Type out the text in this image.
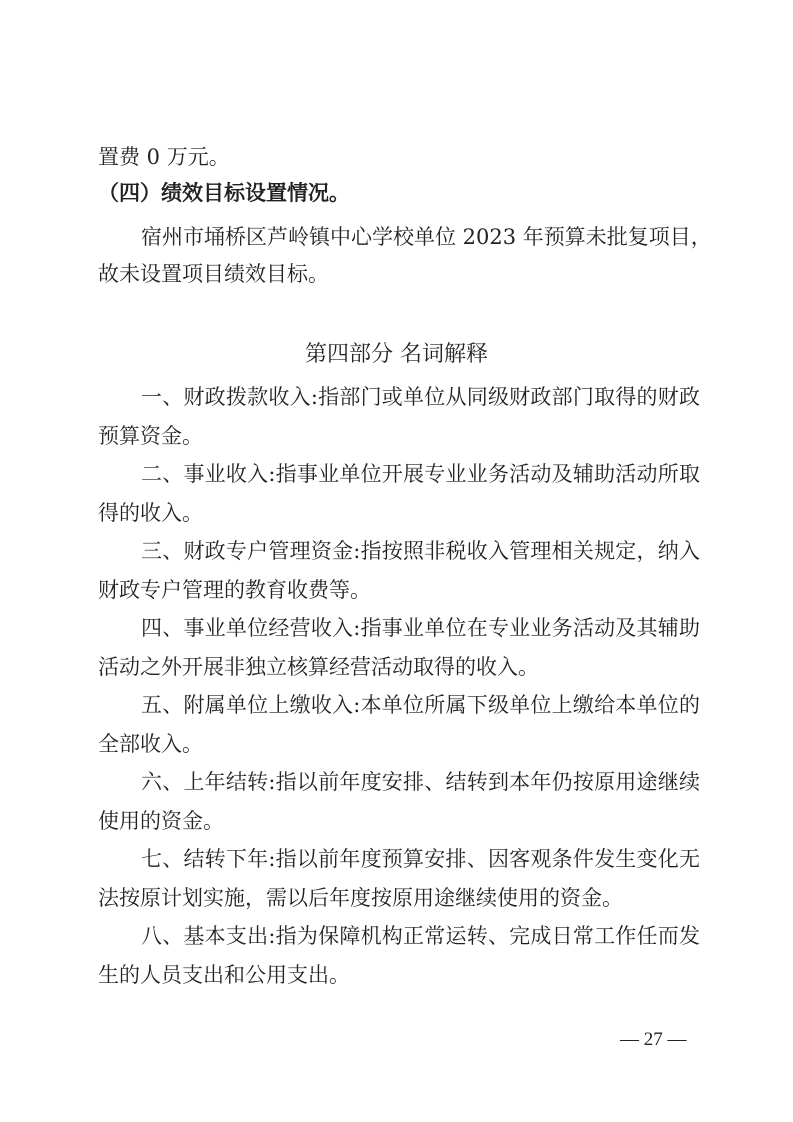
置费 0 万元。
（四）绩效目标设置情况。
宿州市埇桥区芦岭镇中心学校单位 2023 年预算未批复项目，
故未设置项目绩效目标。
第四部分 名词解释
一、财政拨款收入:指部门或单位从同级财政部门取得的财政
预算资金。
二、事业收入:指事业单位开展专业业务活动及辅助活动所取
得的收入。
三、财政专户管理资金:指按照非税收入管理相关规定，纳入
财政专户管理的教育收费等。
四、事业单位经营收入:指事业单位在专业业务活动及其辅助
活动之外开展非独立核算经营活动取得的收入。
五、附属单位上缴收入:本单位所属下级单位上缴给本单位的
全部收入。
六、上年结转:指以前年度安排、结转到本年仍按原用途继续
使用的资金。
七、结转下年:指以前年度预算安排、因客观条件发生变化无
法按原计划实施，需以后年度按原用途继续使用的资金。
八、基本支出:指为保障机构正常运转、完成日常工作任而发
生的人员支出和公用支出。
— 27 —
